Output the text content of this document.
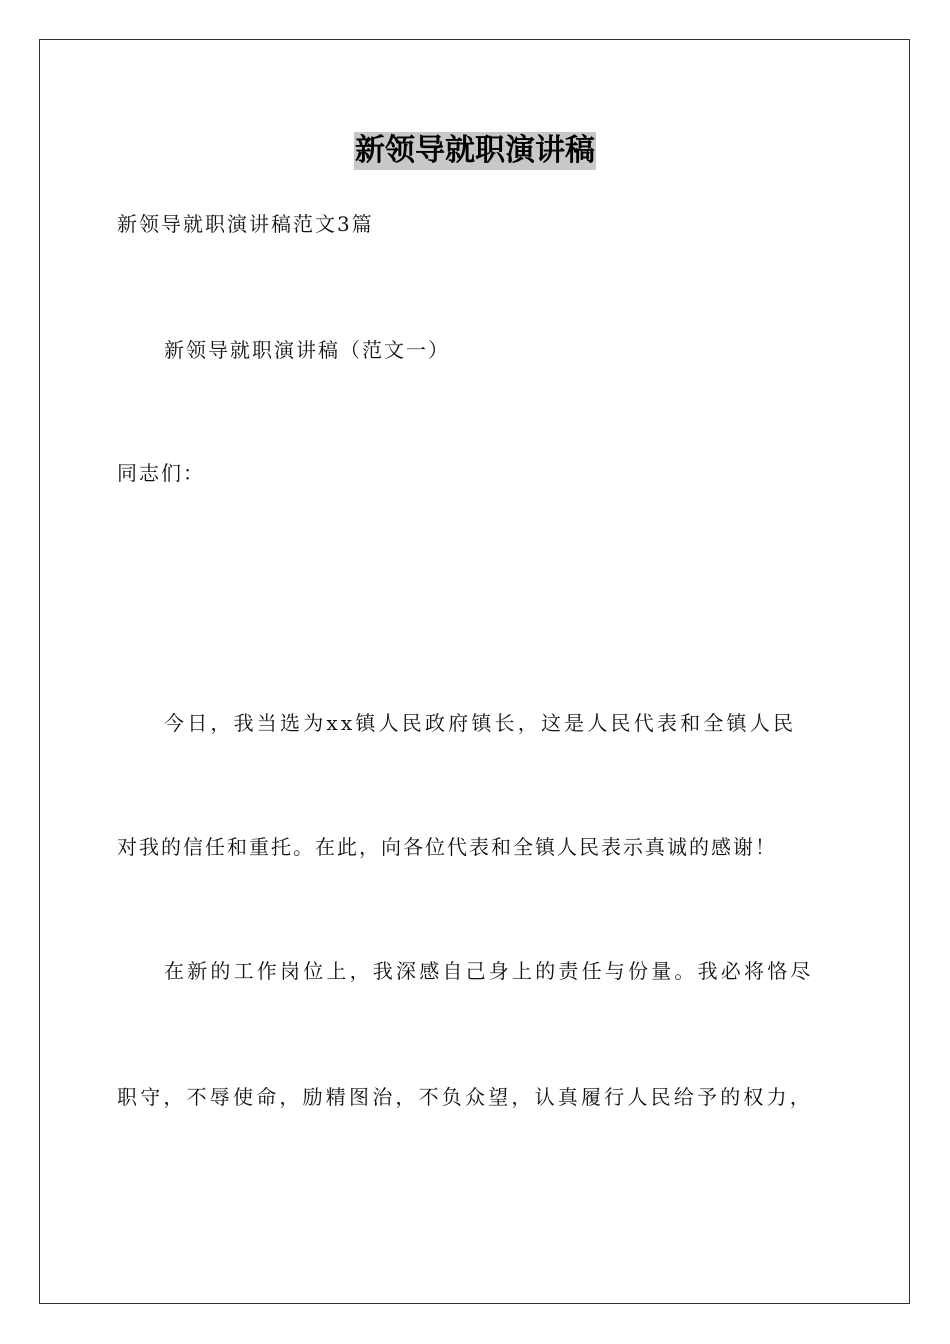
新领导就职演讲稿

新领导就职演讲稿范文3篇

新领导就职演讲稿（范文一）

同志们：

今日，我当选为xx镇人民政府镇长，这是人民代表和全镇人民

对我的信任和重托。在此，向各位代表和全镇人民表示真诚的感谢！

在新的工作岗位上，我深感自己身上的责任与份量。我必将恪尽

职守，不辱使命，励精图治，不负众望，认真履行人民给予的权力，
